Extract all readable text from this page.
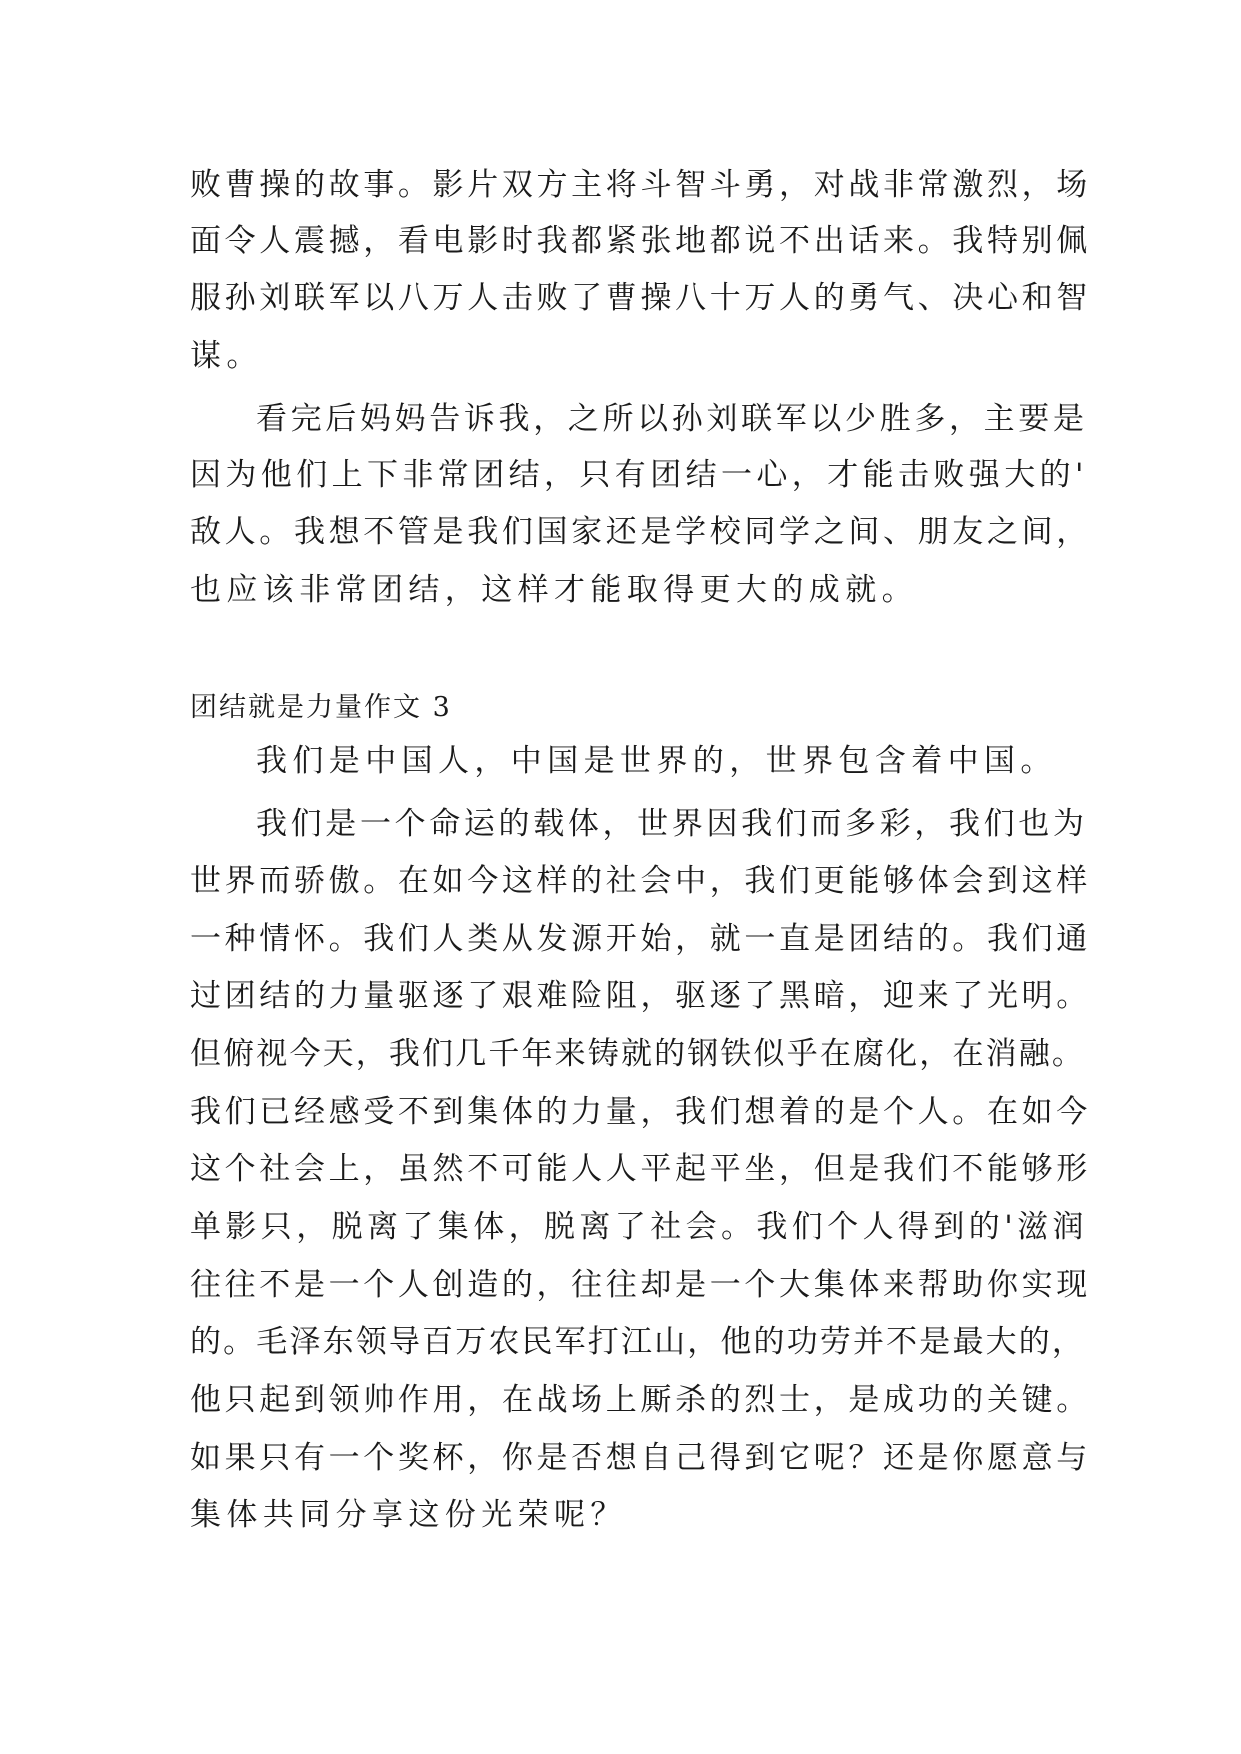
败曹操的故事。影片双方主将斗智斗勇，对战非常激烈，场
面令人震撼，看电影时我都紧张地都说不出话来。我特别佩
服孙刘联军以八万人击败了曹操八十万人的勇气、决心和智
谋。
看完后妈妈告诉我，之所以孙刘联军以少胜多，主要是
因为他们上下非常团结，只有团结一心，才能击败强大的'
敌人。我想不管是我们国家还是学校同学之间、朋友之间，
也应该非常团结，这样才能取得更大的成就。
团结就是力量作文 3
我们是中国人，中国是世界的，世界包含着中国。
我们是一个命运的载体，世界因我们而多彩，我们也为
世界而骄傲。在如今这样的社会中，我们更能够体会到这样
一种情怀。我们人类从发源开始，就一直是团结的。我们通
过团结的力量驱逐了艰难险阻，驱逐了黑暗，迎来了光明。
但俯视今天，我们几千年来铸就的钢铁似乎在腐化，在消融。
我们已经感受不到集体的力量，我们想着的是个人。在如今
这个社会上，虽然不可能人人平起平坐，但是我们不能够形
单影只，脱离了集体，脱离了社会。我们个人得到的'滋润
往往不是一个人创造的，往往却是一个大集体来帮助你实现
的。毛泽东领导百万农民军打江山，他的功劳并不是最大的，
他只起到领帅作用，在战场上厮杀的烈士，是成功的关键。
如果只有一个奖杯，你是否想自己得到它呢？还是你愿意与
集体共同分享这份光荣呢？
